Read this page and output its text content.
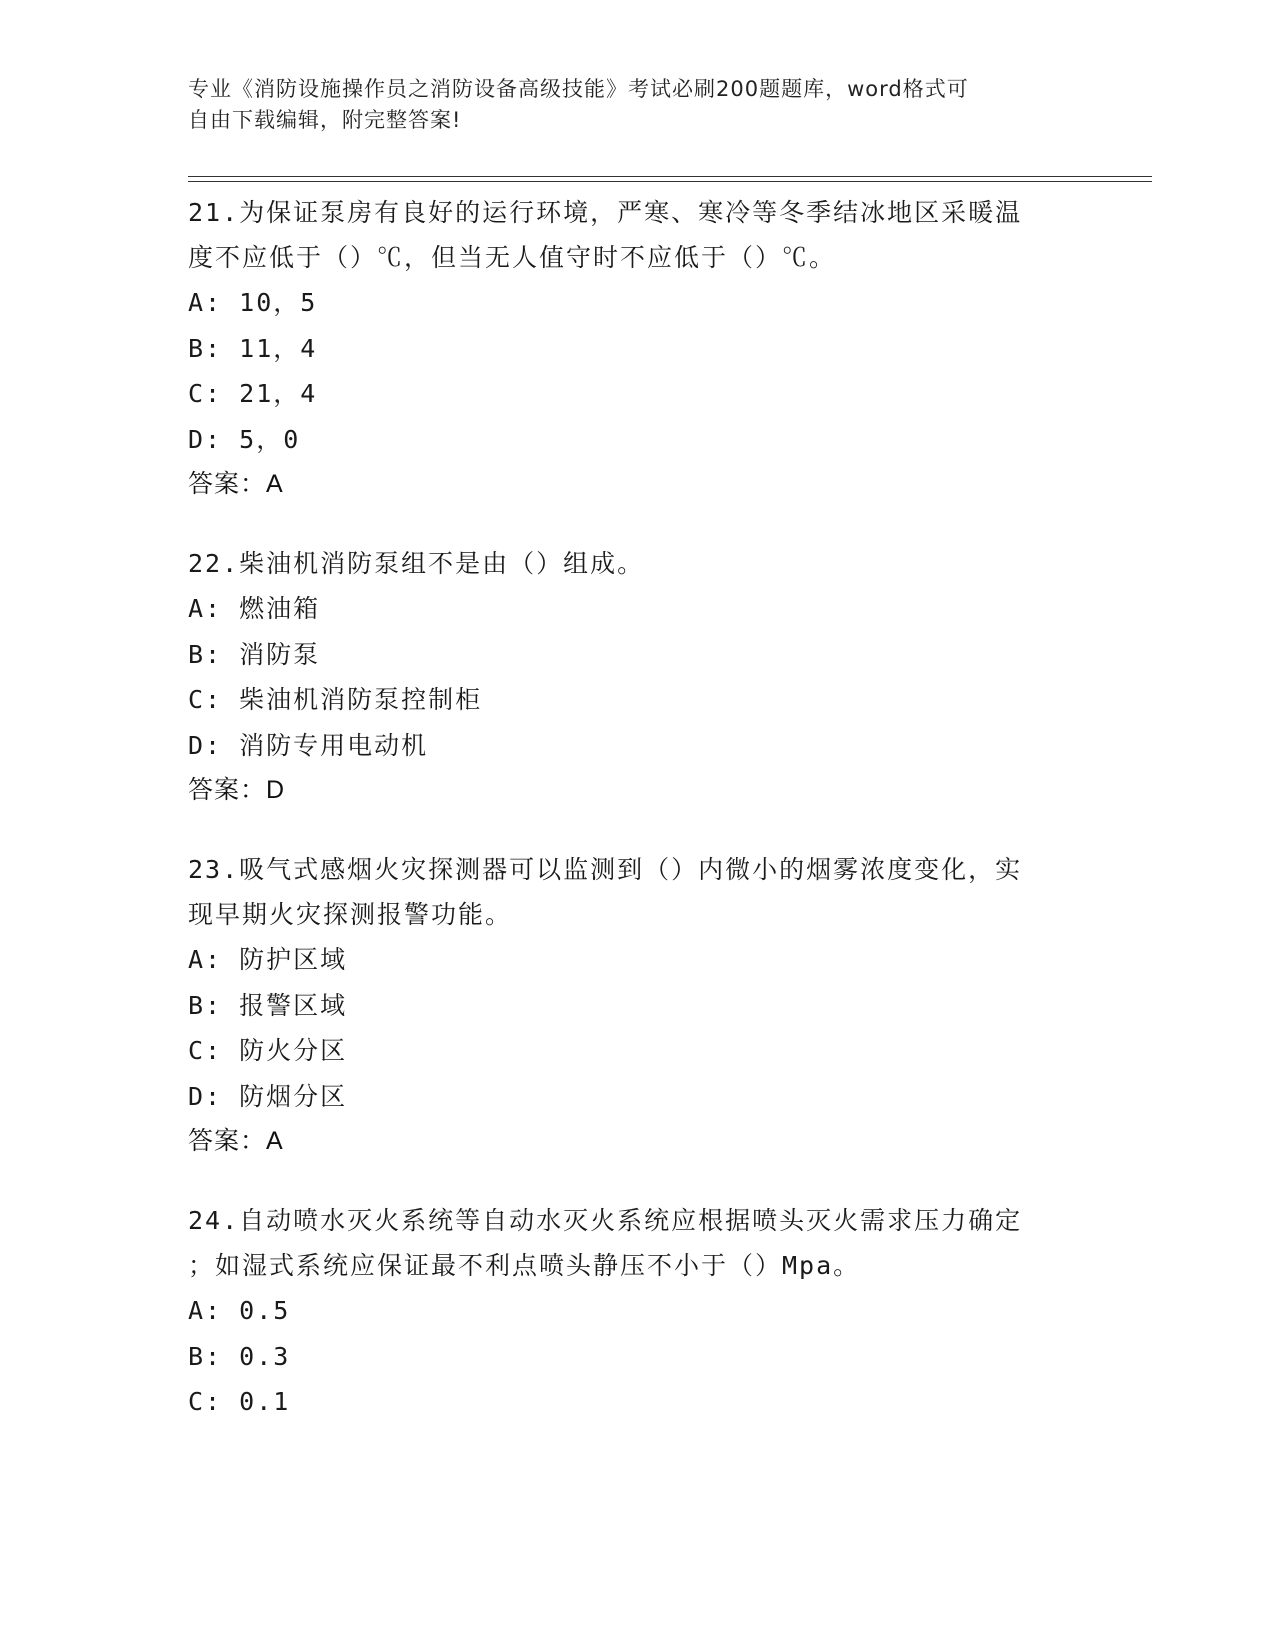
专业《消防设施操作员之消防设备高级技能》考试必刷200题题库，word格式可
自由下载编辑，附完整答案!

21.为保证泵房有良好的运行环境，严寒、寒冷等冬季结冰地区采暖温

度不应低于（）℃，但当无人值守时不应低于（）℃。

A: 10，5

B: 11，4

C: 21，4

D: 5，0

答案：A

22.柴油机消防泵组不是由（）组成。

A: 燃油箱

B: 消防泵

C: 柴油机消防泵控制柜

D: 消防专用电动机

答案：D

23.吸气式感烟火灾探测器可以监测到（）内微小的烟雾浓度变化，实

现早期火灾探测报警功能。

A: 防护区域

B: 报警区域

C: 防火分区

D: 防烟分区

答案：A

24.自动喷水灭火系统等自动水灭火系统应根据喷头灭火需求压力确定

；如湿式系统应保证最不利点喷头静压不小于（）Mpa。

A: 0.5

B: 0.3

C: 0.1
